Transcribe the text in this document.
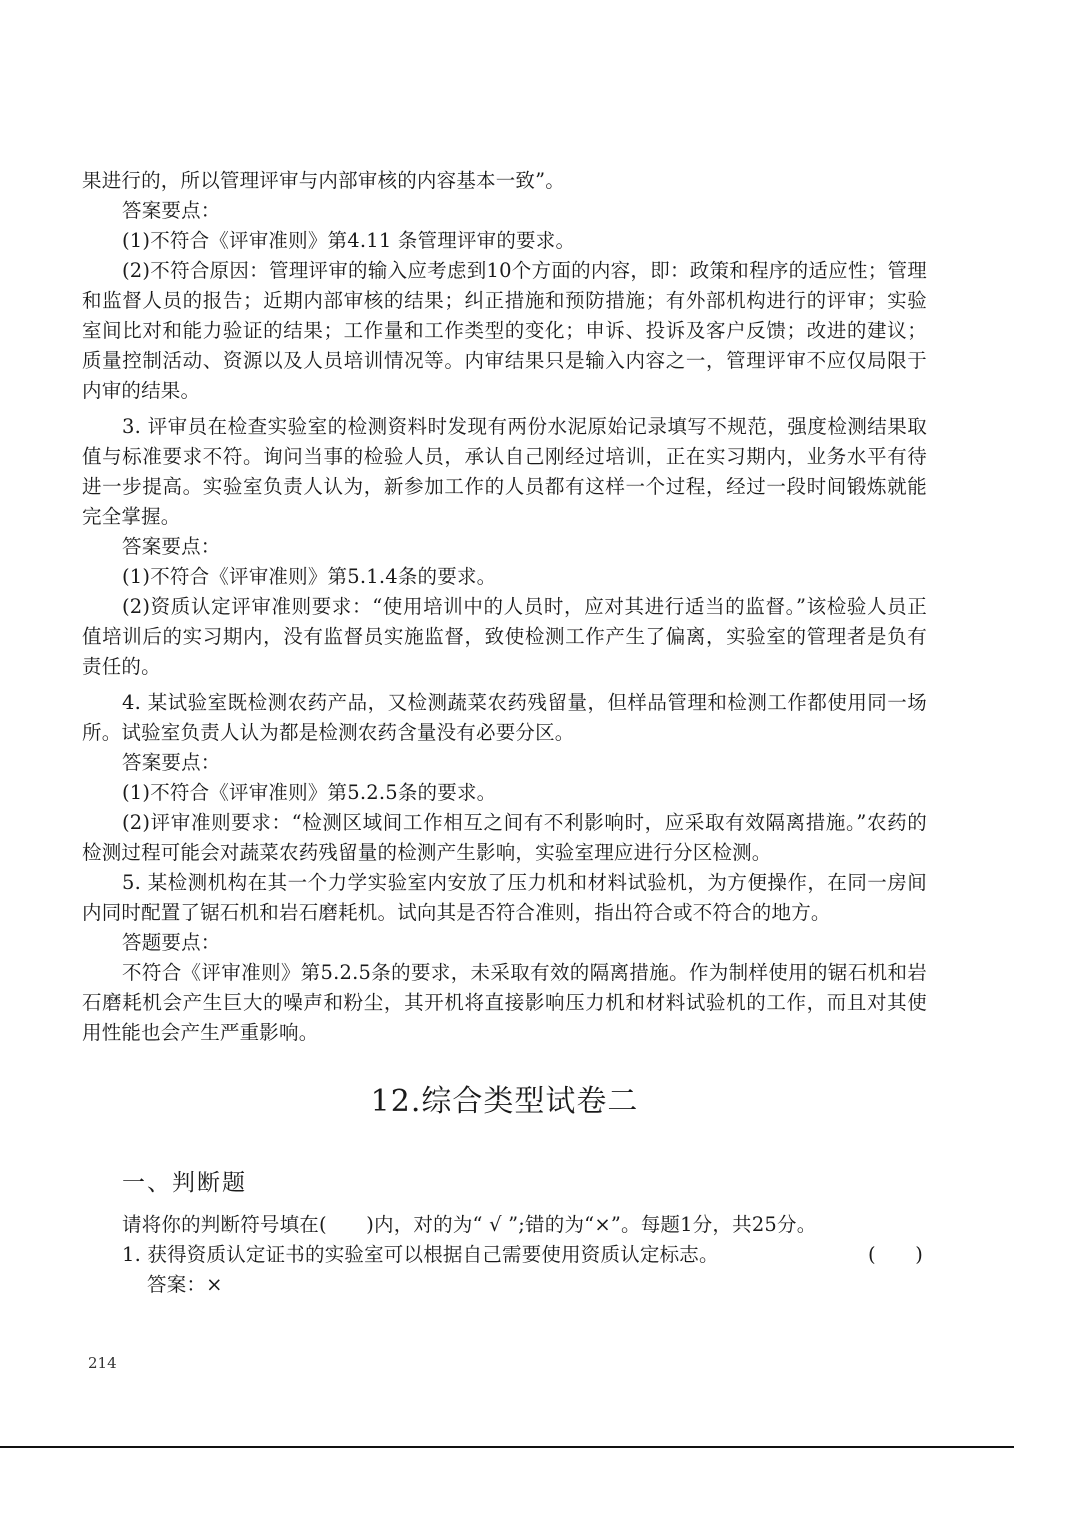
果进行的，所以管理评审与内部审核的内容基本一致”。

答案要点：

(1)不符合《评审准则》第4.11 条管理评审的要求。

(2)不符合原因：管理评审的输入应考虑到10个方面的内容，即：政策和程序的适应性；管理和监督人员的报告；近期内部审核的结果；纠正措施和预防措施；有外部机构进行的评审；实验室间比对和能力验证的结果；工作量和工作类型的变化；申诉、投诉及客户反馈；改进的建议；质量控制活动、资源以及人员培训情况等。内审结果只是输入内容之一，管理评审不应仅局限于内审的结果。

3. 评审员在检查实验室的检测资料时发现有两份水泥原始记录填写不规范，强度检测结果取值与标准要求不符。询问当事的检验人员，承认自己刚经过培训，正在实习期内，业务水平有待进一步提高。实验室负责人认为，新参加工作的人员都有这样一个过程，经过一段时间锻炼就能完全掌握。

答案要点：

(1)不符合《评审准则》第5.1.4条的要求。

(2)资质认定评审准则要求：“使用培训中的人员时，应对其进行适当的监督。”该检验人员正值培训后的实习期内，没有监督员实施监督，致使检测工作产生了偏离，实验室的管理者是负有责任的。

4. 某试验室既检测农药产品，又检测蔬菜农药残留量，但样品管理和检测工作都使用同一场所。试验室负责人认为都是检测农药含量没有必要分区。

答案要点：

(1)不符合《评审准则》第5.2.5条的要求。

(2)评审准则要求：“检测区域间工作相互之间有不利影响时，应采取有效隔离措施。”农药的检测过程可能会对蔬菜农药残留量的检测产生影响，实验室理应进行分区检测。

5. 某检测机构在其一个力学实验室内安放了压力机和材料试验机，为方便操作，在同一房间内同时配置了锯石机和岩石磨耗机。试向其是否符合准则，指出符合或不符合的地方。

答题要点：

不符合《评审准则》第5.2.5条的要求，未采取有效的隔离措施。作为制样使用的锯石机和岩石磨耗机会产生巨大的噪声和粉尘，其开机将直接影响压力机和材料试验机的工作，而且对其使用性能也会产生严重影响。

12.综合类型试卷二
一、判断题

请将你的判断符号填在(　　)内，对的为“ √ ”;错的为“×”。每题1分，共25分。

1. 获得资质认定证书的实验室可以根据自己需要使用资质认定标志。	(　　)

答案：×

214
